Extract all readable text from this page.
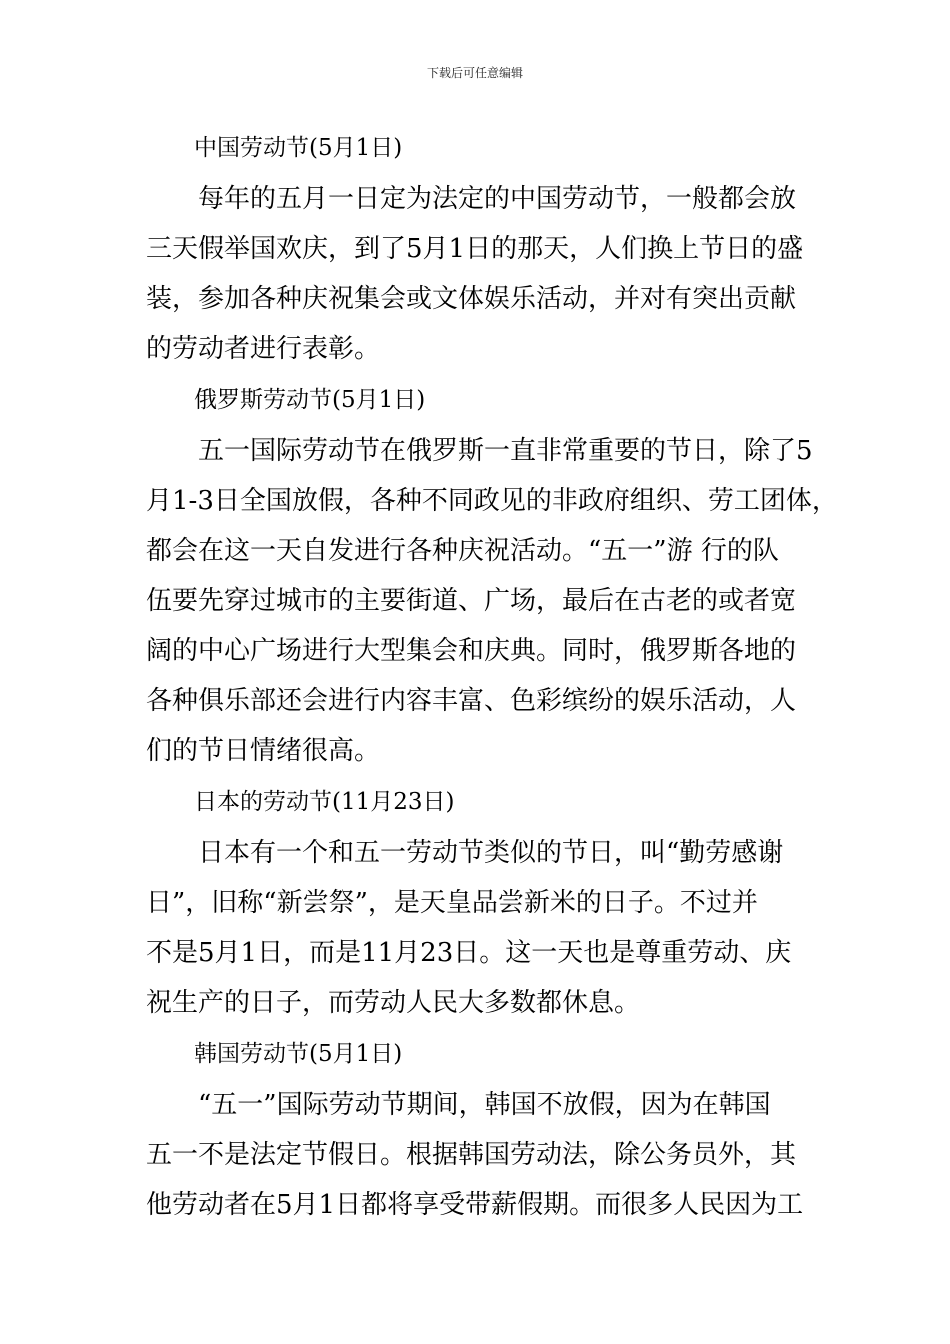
下载后可任意编辑
中国劳动节(5月1日)
每年的五月一日定为法定的中国劳动节，一般都会放
三天假举国欢庆，到了5月1日的那天，人们换上节日的盛
装，参加各种庆祝集会或文体娱乐活动，并对有突出贡献
的劳动者进行表彰。
俄罗斯劳动节(5月1日)
五一国际劳动节在俄罗斯一直非常重要的节日，除了5
月1-3日全国放假，各种不同政见的非政府组织、劳工团体，
都会在这一天自发进行各种庆祝活动。“五一”游 行的队
伍要先穿过城市的主要街道、广场，最后在古老的或者宽
阔的中心广场进行大型集会和庆典。同时，俄罗斯各地的
各种俱乐部还会进行内容丰富、色彩缤纷的娱乐活动，人
们的节日情绪很高。
日本的劳动节(11月23日)
日本有一个和五一劳动节类似的节日，叫“勤劳感谢
日”，旧称“新尝祭”，是天皇品尝新米的日子。不过并
不是5月1日，而是11月23日。这一天也是尊重劳动、庆
祝生产的日子，而劳动人民大多数都休息。
韩国劳动节(5月1日)
“五一”国际劳动节期间，韩国不放假，因为在韩国
五一不是法定节假日。根据韩国劳动法，除公务员外，其
他劳动者在5月1日都将享受带薪假期。而很多人民因为工
